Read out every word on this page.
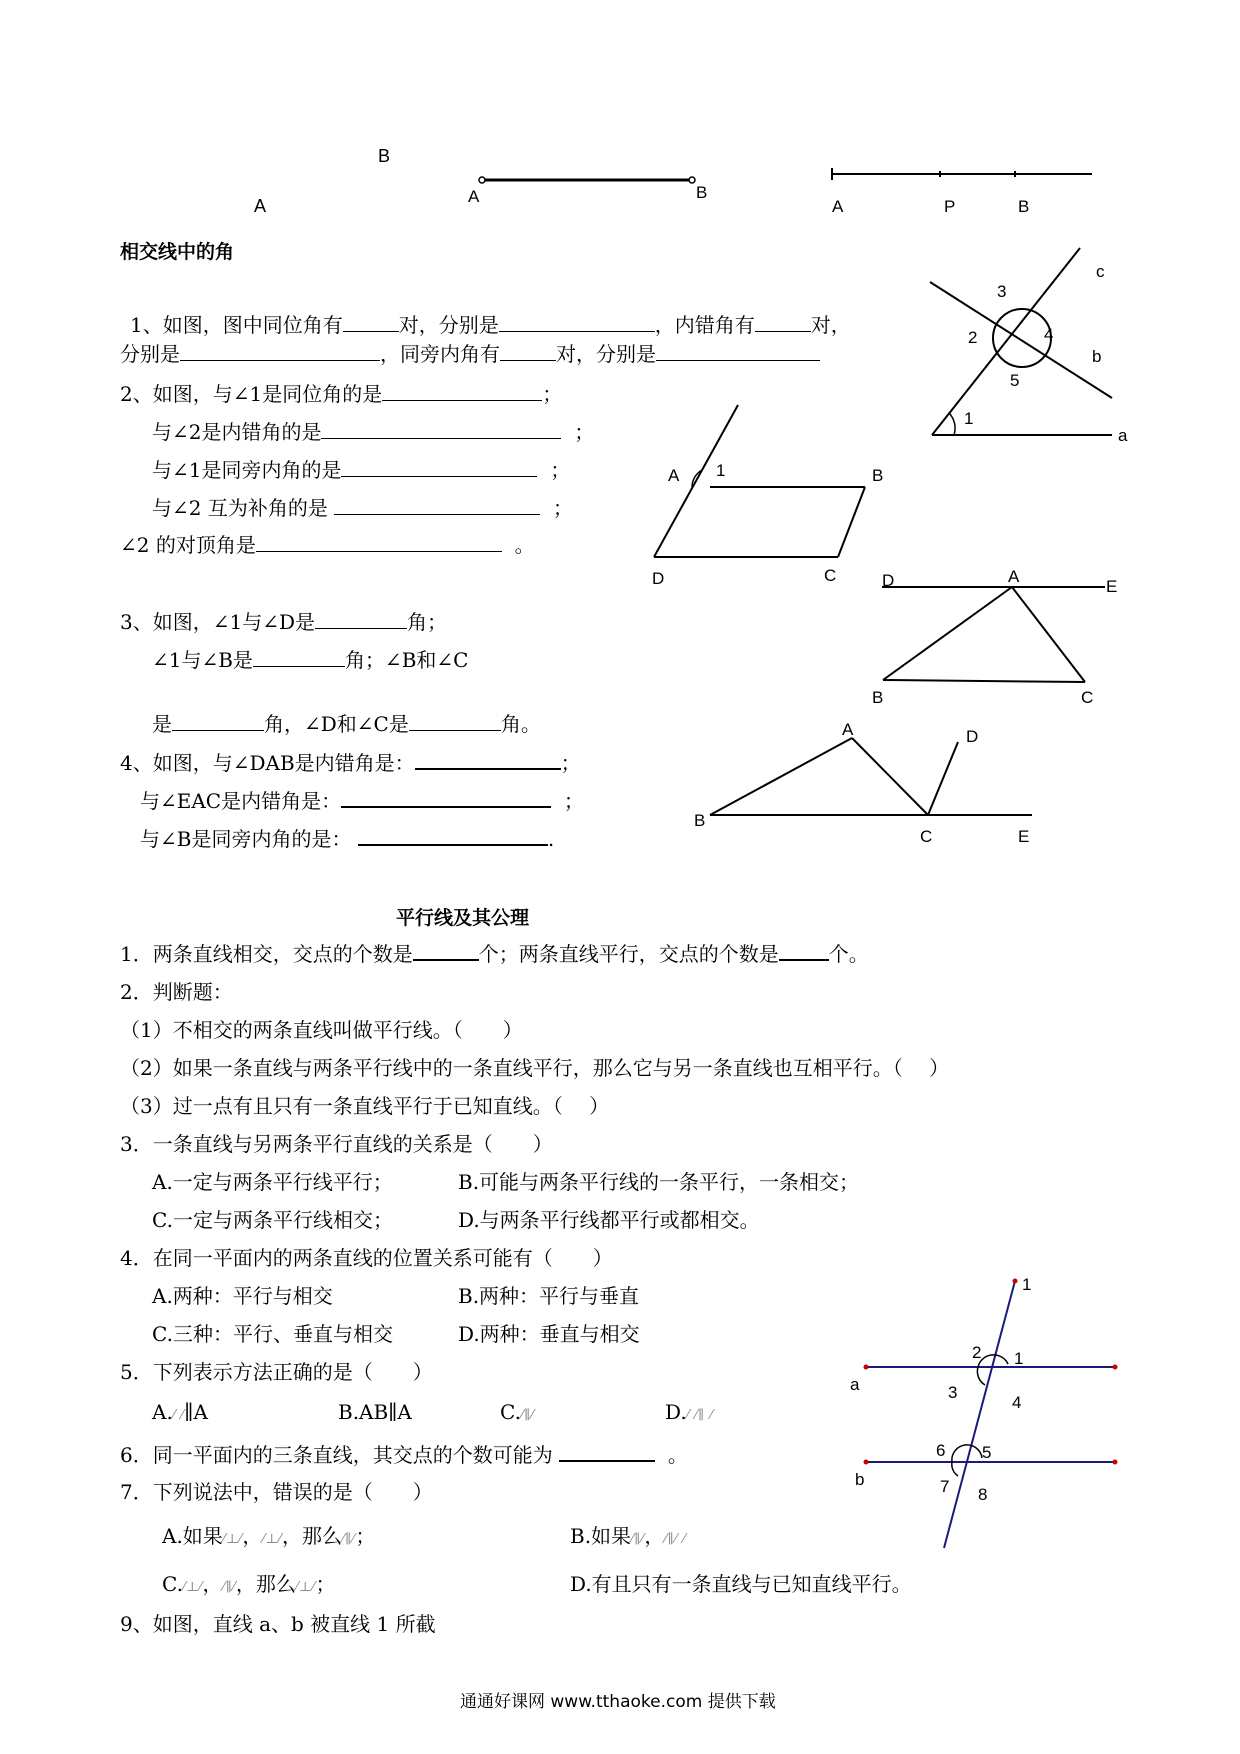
B
A	A	B
A	P	B
相交线中的角
1、如图，图中同位角有	对，分别是	，内错角有	对，
分别是	，同旁内角有	对，分别是
2、如图，与∠1是同位角的是	；
与∠2是内错角的是	；
与∠1是同旁内角的是	；
与∠2 互为补角的是	；
∠2 的对顶角是	。
3、如图，∠1与∠D是	角；
∠1与∠B是	角；∠B和∠C
是	角，∠D和∠C是	角。
4、如图，与∠DAB是内错角是：	；
与∠EAC是内错角是：	；
与∠B是同旁内角的是：	.
c
b
a
3
2	4
5
1
A 1	B
D	C	D	A
E
B	C
A	D
B
C	E
平行线及其公理
1．两条直线相交，交点的个数是	个；两条直线平行，交点的个数是	个。
2．判断题：
（1）不相交的两条直线叫做平行线。（　　）
（2）如果一条直线与两条平行线中的一条直线平行，那么它与另一条直线也互相平行。（　 ）
（3）过一点有且只有一条直线平行于已知直线。（　 ）
3．一条直线与另两条平行直线的关系是（　　）
A.一定与两条平行线平行；	B.可能与两条平行线的一条平行，一条相交；
C.一定与两条平行线相交；	D.与两条平行线都平行或都相交。
4．在同一平面内的两条直线的位置关系可能有（　　）
A.两种：平行与相交	B.两种：平行与垂直
C.三种：平行、垂直与相交	D.两种：垂直与相交
5．下列表示方法正确的是（　　）
A.⁄ ⁄∥A	B.AB∥A	C.⁄∥⁄	D.⁄ ⁄∥ ⁄
6．同一平面内的三条直线，其交点的个数可能为	。
7．下列说法中，错误的是（　　）
A.如果⁄⊥⁄，⁄⊥⁄，那么⁄∥⁄；	B.如果⁄∥⁄，⁄∥⁄ ⁄
C.⁄⊥⁄，⁄∥⁄，那么⁄⊥⁄；	D.有且只有一条直线与已知直线平行。
9、如图，直线 a、b 被直线 1 所截
1
a
b
2 1
3
4
6 5
7 8
通通好课网 www.tthaoke.com 提供下载
